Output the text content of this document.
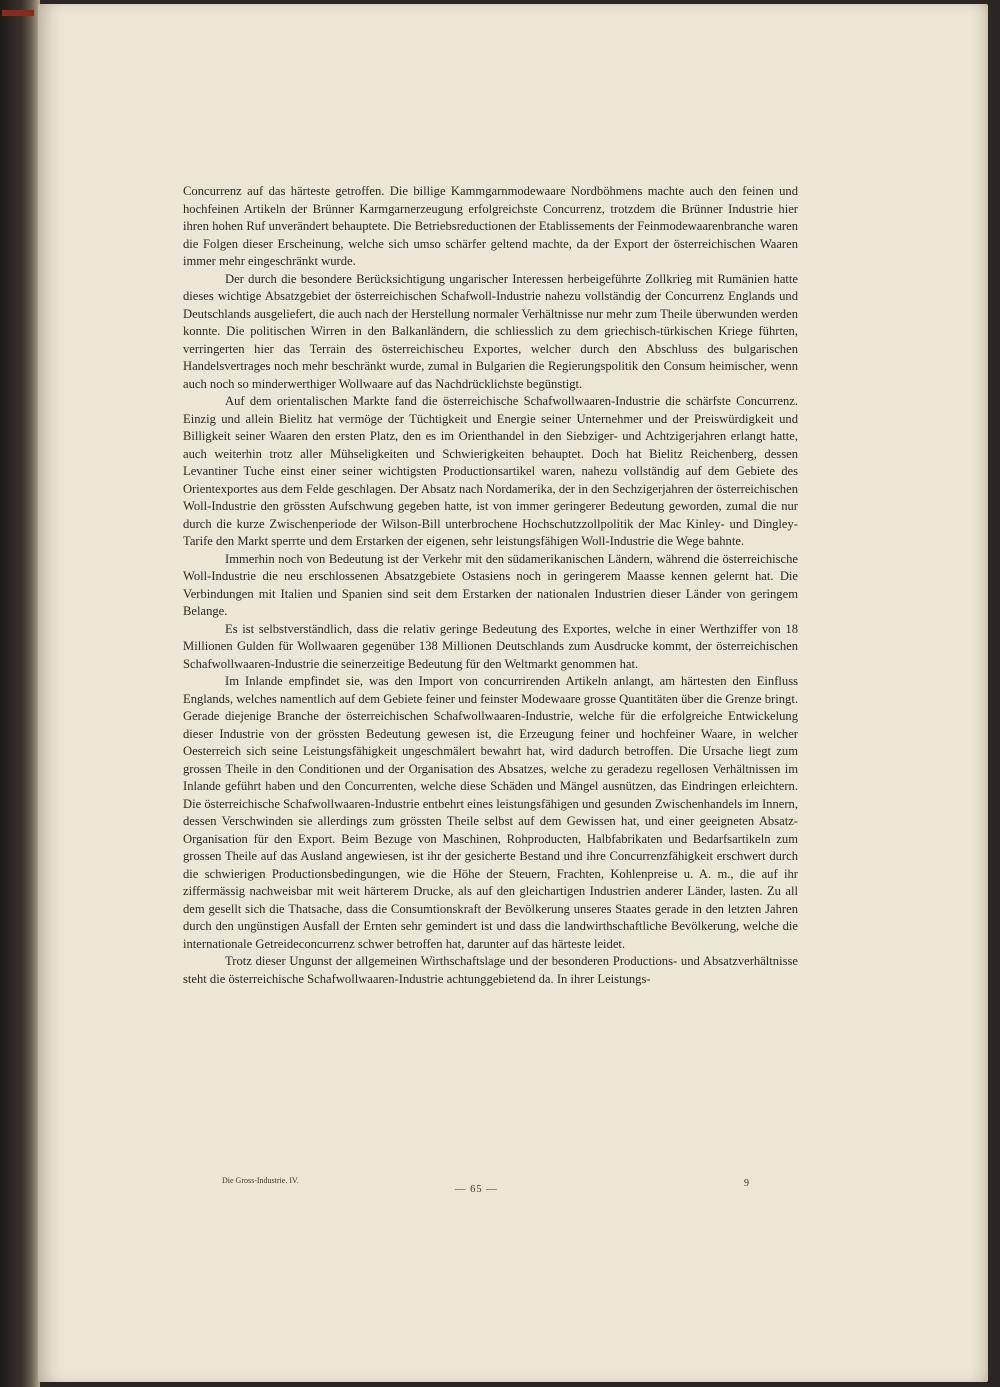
Concurrenz auf das härteste getroffen. Die billige Kammgarnmodewaare Nordböhmens machte auch den feinen und hochfeinen Artikeln der Brünner Karmgarnerzeugung erfolgreichste Concurrenz, trotzdem die Brünner Industrie hier ihren hohen Ruf unverändert behauptete. Die Betriebsreductionen der Etablissements der Feinmodewaarenbranche waren die Folgen dieser Erscheinung, welche sich umso schärfer geltend machte, da der Export der österreichischen Waaren immer mehr eingeschränkt wurde.

Der durch die besondere Berücksichtigung ungarischer Interessen herbeigeführte Zollkrieg mit Rumänien hatte dieses wichtige Absatzgebiet der österreichischen Schafwoll-Industrie nahezu vollständig der Concurrenz Englands und Deutschlands ausgeliefert, die auch nach der Herstellung normaler Verhältnisse nur mehr zum Theile überwunden werden konnte. Die politischen Wirren in den Balkanländern, die schliesslich zu dem griechisch-türkischen Kriege führten, verringerten hier das Terrain des österreichischeu Exportes, welcher durch den Abschluss des bulgarischen Handelsvertrages noch mehr beschränkt wurde, zumal in Bulgarien die Regierungspolitik den Consum heimischer, wenn auch noch so minderwerthiger Wollwaare auf das Nachdrücklichste begünstigt.

Auf dem orientalischen Markte fand die österreichische Schafwollwaaren-Industrie die schärfste Concurrenz. Einzig und allein Bielitz hat vermöge der Tüchtigkeit und Energie seiner Unternehmer und der Preiswürdigkeit und Billigkeit seiner Waaren den ersten Platz, den es im Orienthandel in den Siebziger- und Achtzigerjahren erlangt hatte, auch weiterhin trotz aller Mühseligkeiten und Schwierigkeiten behauptet. Doch hat Bielitz Reichenberg, dessen Levantiner Tuche einst einer seiner wichtigsten Productionsartikel waren, nahezu vollständig auf dem Gebiete des Orientexportes aus dem Felde geschlagen. Der Absatz nach Nordamerika, der in den Sechzigerjahren der österreichischen Woll-Industrie den grössten Aufschwung gegeben hatte, ist von immer geringerer Bedeutung geworden, zumal die nur durch die kurze Zwischenperiode der Wilson-Bill unterbrochene Hochschutzzollpolitik der Mac Kinley- und Dingley-Tarife den Markt sperrte und dem Erstarken der eigenen, sehr leistungsfähigen Woll-Industrie die Wege bahnte.

Immerhin noch von Bedeutung ist der Verkehr mit den südamerikanischen Ländern, während die österreichische Woll-Industrie die neu erschlossenen Absatzgebiete Ostasiens noch in geringerem Maasse kennen gelernt hat. Die Verbindungen mit Italien und Spanien sind seit dem Erstarken der nationalen Industrien dieser Länder von geringem Belange.

Es ist selbstverständlich, dass die relativ geringe Bedeutung des Exportes, welche in einer Werthziffer von 18 Millionen Gulden für Wollwaaren gegenüber 138 Millionen Deutschlands zum Ausdrucke kommt, der österreichischen Schafwollwaaren-Industrie die seinerzeitige Bedeutung für den Weltmarkt genommen hat.

Im Inlande empfindet sie, was den Import von concurrirenden Artikeln anlangt, am härtesten den Einfluss Englands, welches namentlich auf dem Gebiete feiner und feinster Modewaare grosse Quantitäten über die Grenze bringt. Gerade diejenige Branche der österreichischen Schafwollwaaren-Industrie, welche für die erfolgreiche Entwickelung dieser Industrie von der grössten Bedeutung gewesen ist, die Erzeugung feiner und hochfeiner Waare, in welcher Oesterreich sich seine Leistungsfähigkeit ungeschmälert bewahrt hat, wird dadurch betroffen. Die Ursache liegt zum grossen Theile in den Conditionen und der Organisation des Absatzes, welche zu geradezu regellosen Verhältnissen im Inlande geführt haben und den Concurrenten, welche diese Schäden und Mängel ausnützen, das Eindringen erleichtern. Die österreichische Schafwollwaaren-Industrie entbehrt eines leistungsfähigen und gesunden Zwischenhandels im Innern, dessen Verschwinden sie allerdings zum grössten Theile selbst auf dem Gewissen hat, und einer geeigneten Absatz-Organisation für den Export. Beim Bezuge von Maschinen, Rohproducten, Halbfabrikaten und Bedarfsartikeln zum grossen Theile auf das Ausland angewiesen, ist ihr der gesicherte Bestand und ihre Concurrenzfähigkeit erschwert durch die schwierigen Productionsbedingungen, wie die Höhe der Steuern, Frachten, Kohlenpreise u. A. m., die auf ihr ziffermässig nachweisbar mit weit härterem Drucke, als auf den gleichartigen Industrien anderer Länder, lasten. Zu all dem gesellt sich die Thatsache, dass die Consumtionskraft der Bevölkerung unseres Staates gerade in den letzten Jahren durch den ungünstigen Ausfall der Ernten sehr gemindert ist und dass die landwirthschaftliche Bevölkerung, welche die internationale Getreideconcurrenz schwer betroffen hat, darunter auf das härteste leidet.

Trotz dieser Ungunst der allgemeinen Wirthschaftslage und der besonderen Productions- und Absatzverhältnisse steht die österreichische Schafwollwaaren-Industrie achtunggebietend da. In ihrer Leistungs-

Die Gross-Industrie. IV.
— 65 —
9
